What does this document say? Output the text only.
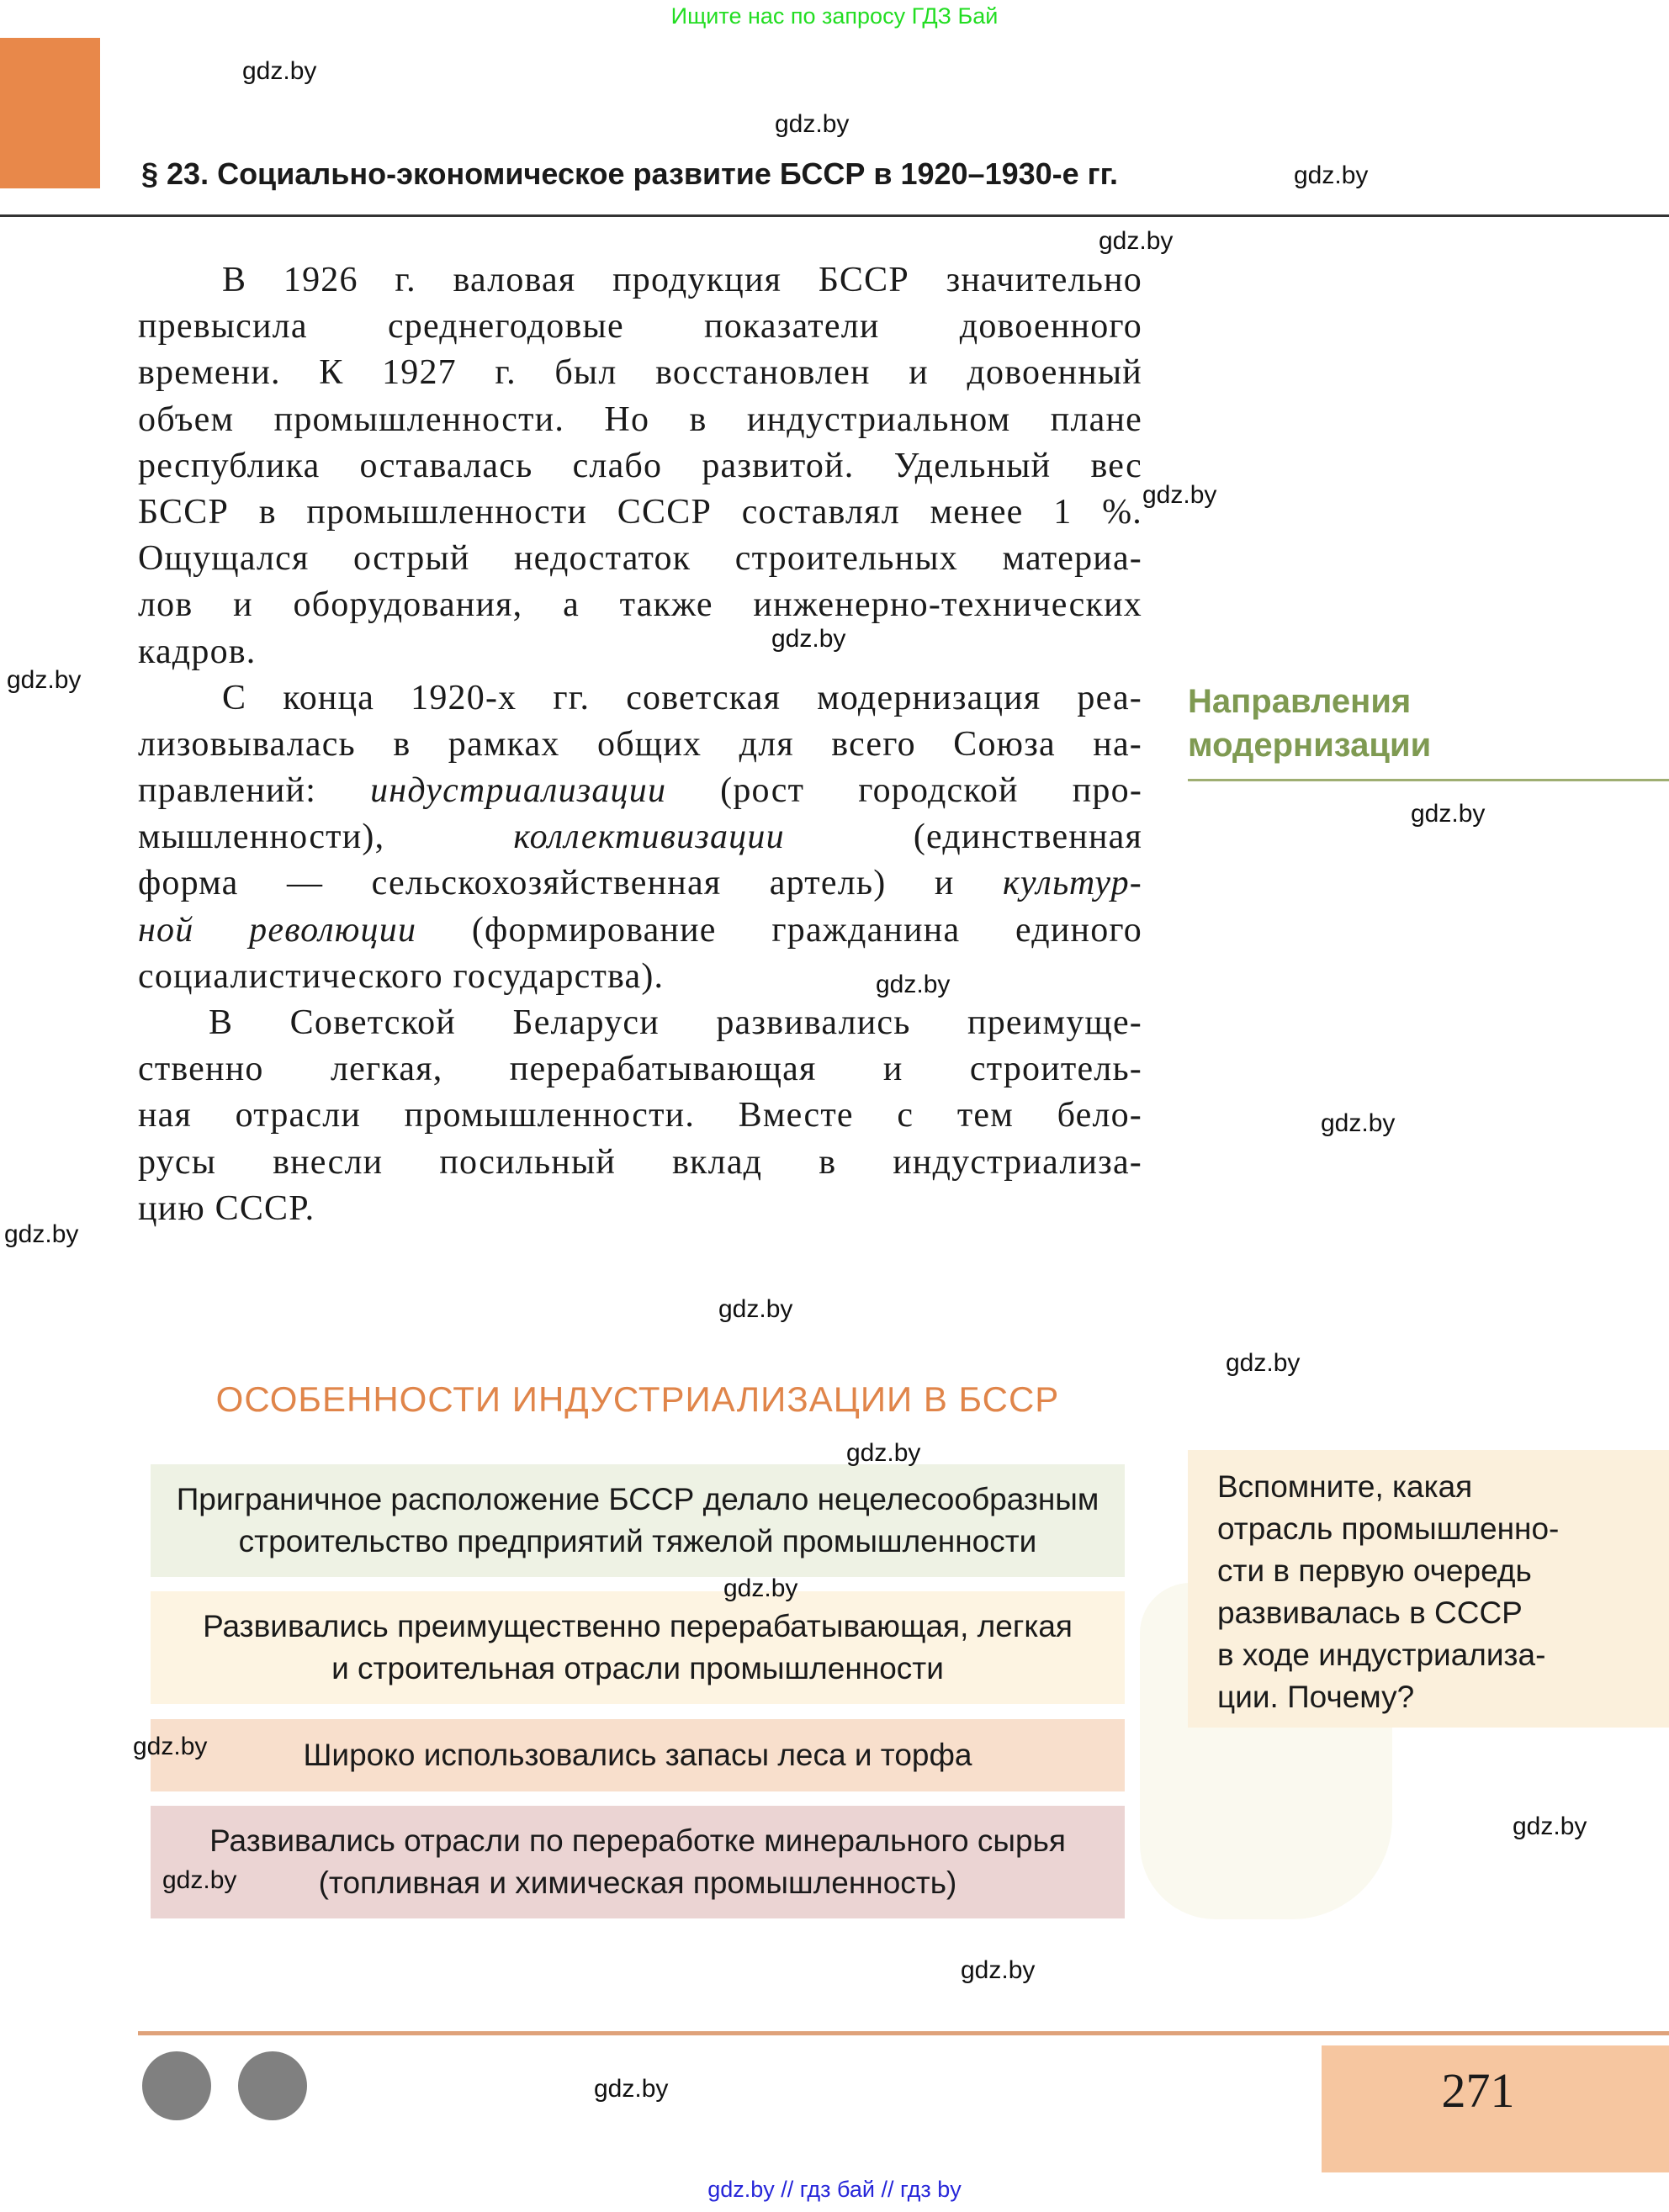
Ищите нас по запросу ГДЗ Бай
§ 23. Социально-экономическое развитие БССР в 1920–1930-е гг.
В 1926 г. валовая продукция БССР значительно
превысила среднегодовые показатели довоенного
времени. К 1927 г. был восстановлен и довоенный
объем промышленности. Но в индустриальном плане
республика оставалась слабо развитой. Удельный вес
БССР в промышленности СССР составлял менее 1 %.
Ощущался острый недостаток строительных материа-
лов и оборудования, а также инженерно-технических
кадров.
С конца 1920-х гг. советская модернизация реа-
лизовывалась в рамках общих для всего Союза на-
правлений: индустриализации (рост городской про-
мышленности), коллективизации (единственная
форма — сельскохозяйственная артель) и культур-
ной революции (формирование гражданина единого
социалистического государства).
В Советской Беларуси развивались преимуще-
ственно легкая, перерабатывающая и строитель-
ная отрасли промышленности. Вместе с тем бело-
русы внесли посильный вклад в индустриализа-
цию СССР.
Направления
модернизации
ОСОБЕННОСТИ ИНДУСТРИАЛИЗАЦИИ В БССР
Приграничное расположение БССР делало нецелесообразным
строительство предприятий тяжелой промышленности
Развивались преимущественно перерабатывающая, легкая
и строительная отрасли промышленности
Широко использовались запасы леса и торфа
Развивались отрасли по переработке минерального сырья
(топливная и химическая промышленность)
Вспомните, какая
отрасль промышленно-
сти в первую очередь
развивалась в СССР
в ходе индустриализа-
ции. Почему?
271
gdz.by // гдз бай // гдз by
gdz.by
gdz.by
gdz.by
gdz.by
gdz.by
gdz.by
gdz.by
gdz.by
gdz.by
gdz.by
gdz.by
gdz.by
gdz.by
gdz.by
gdz.by
gdz.by
gdz.by
gdz.by
gdz.by
gdz.by
